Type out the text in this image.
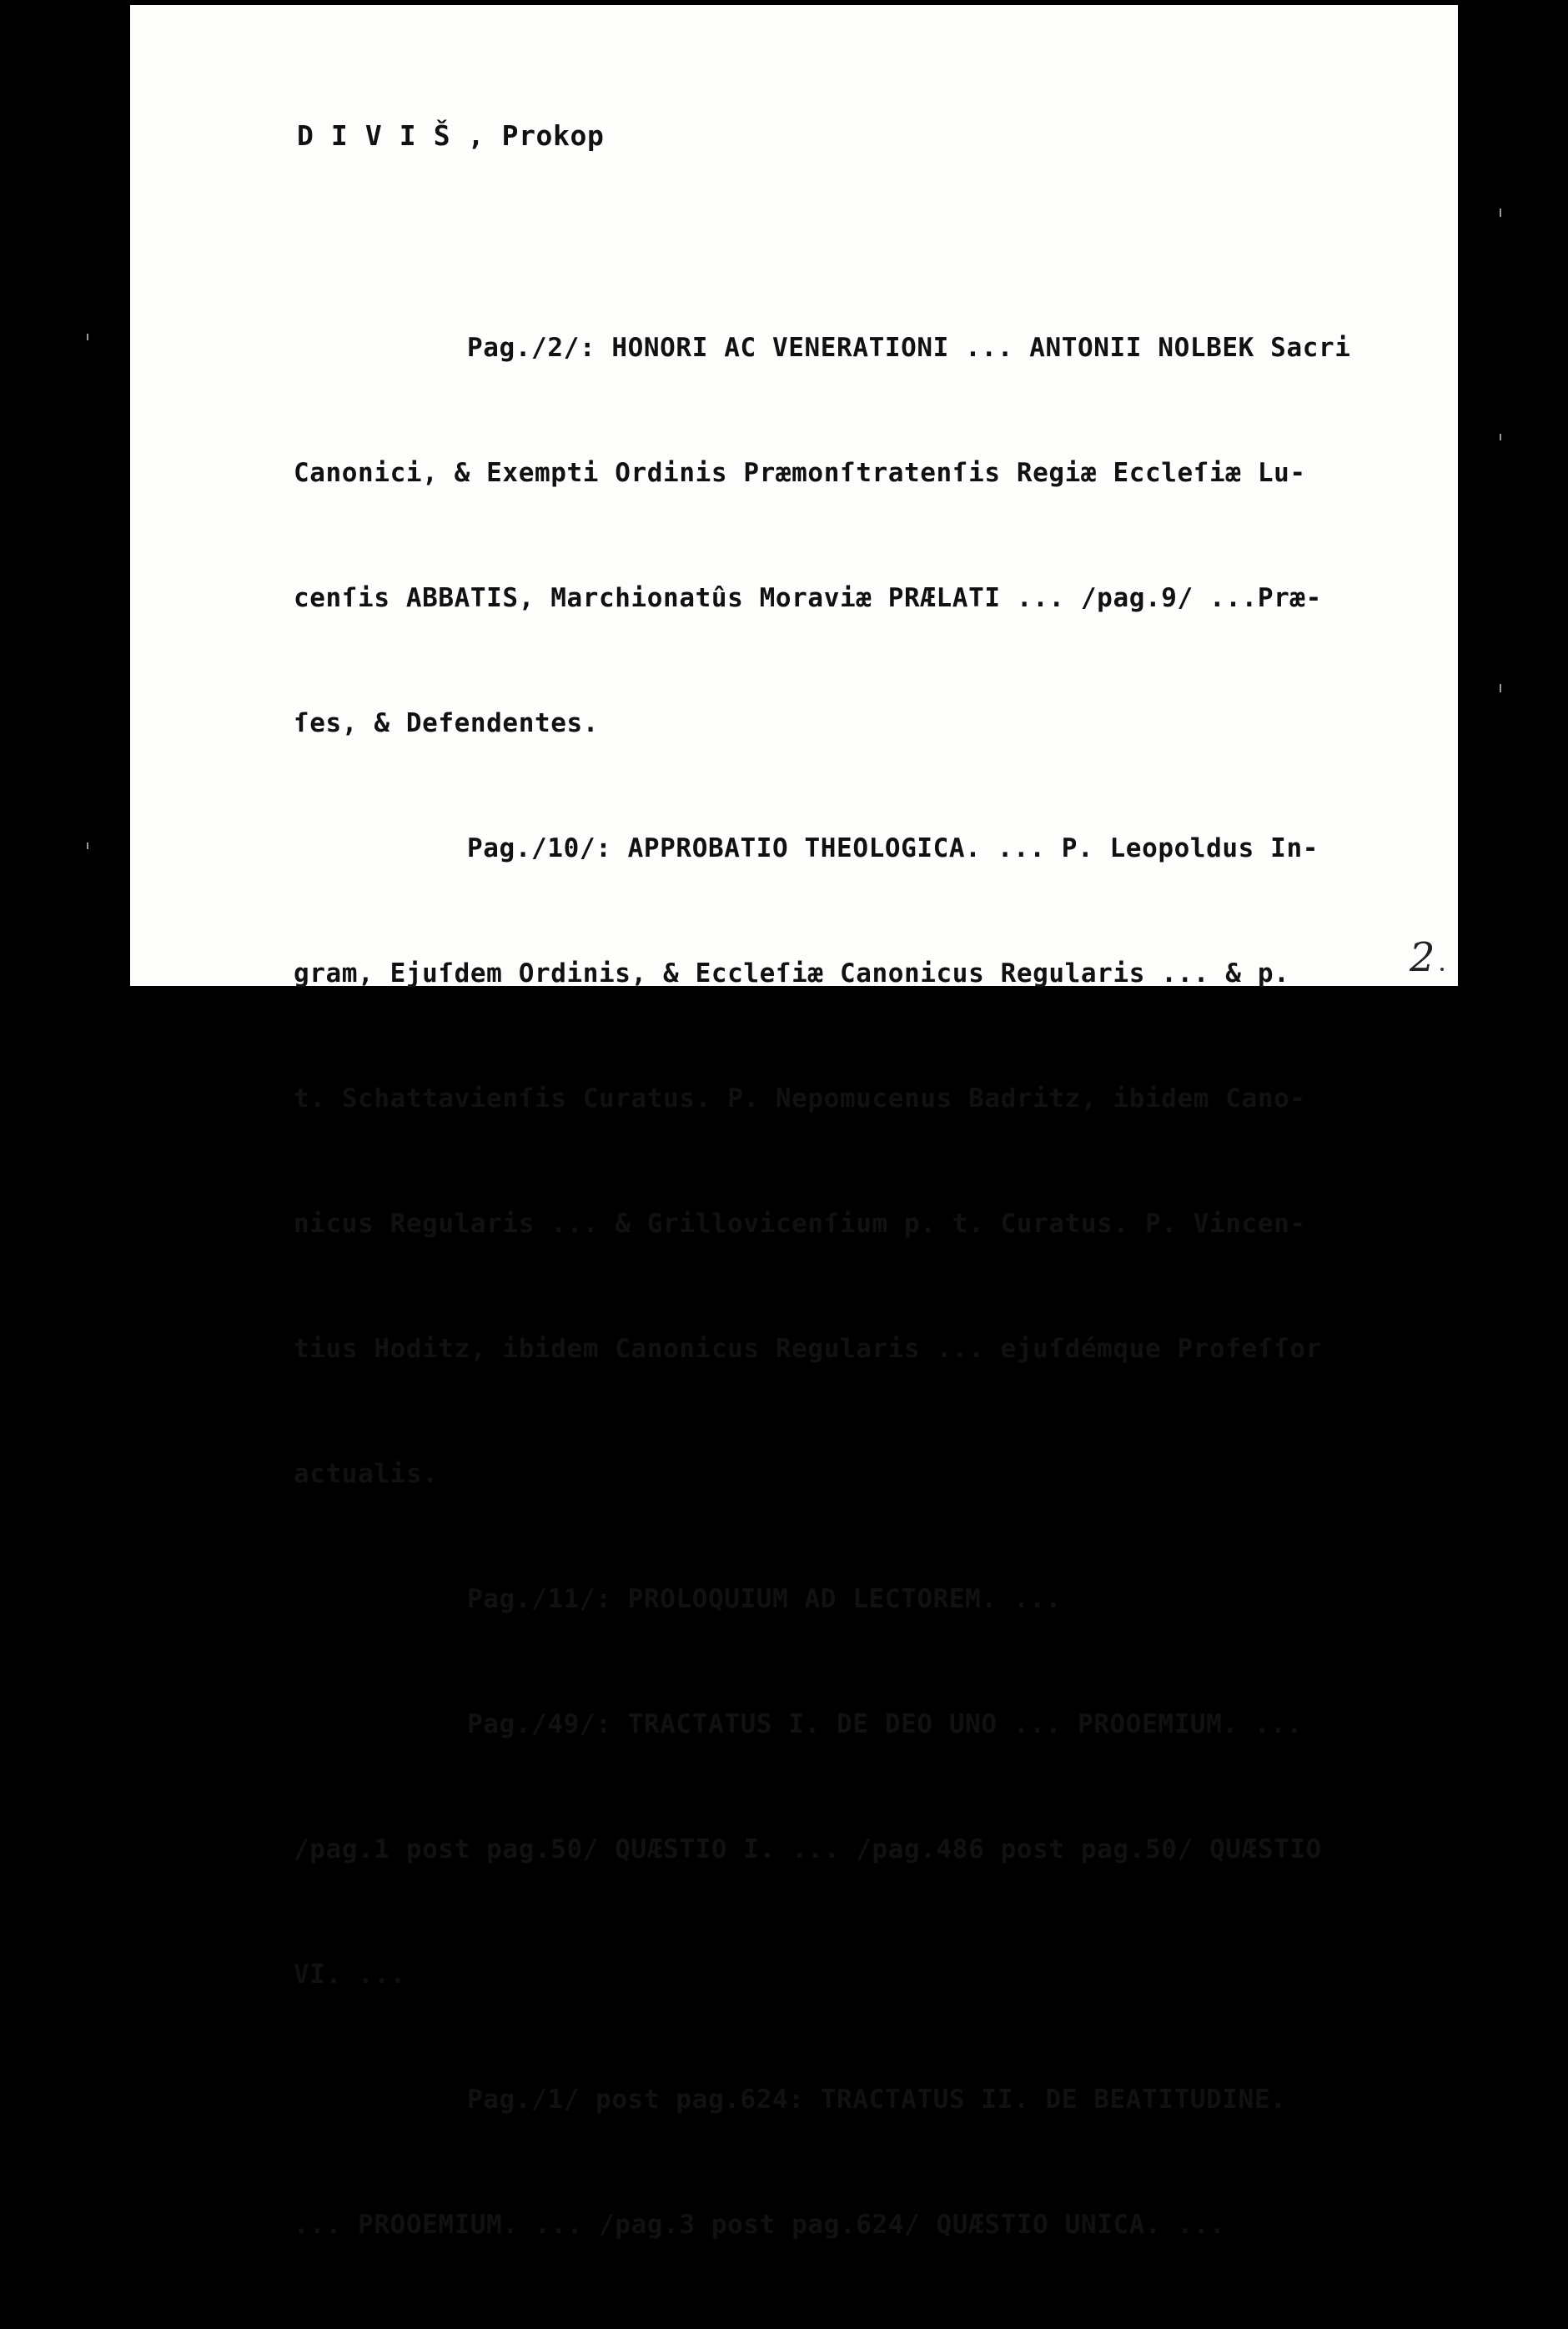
D I V I Š , Prokop

Pag./2/: HONORI AC VENERATIONI ... ANTONII NOLBEK Sacri

Canonici, & Exempti Ordinis Præmonſtratenſis Regiæ Eccleſiæ Lu-

cenſis ABBATIS, Marchionatûs Moraviæ PRÆLATI ... /pag.9/ ...Præ-

ſes, & Defendentes.

Pag./10/: APPROBATIO THEOLOGICA. ... P. Leopoldus In-

gram, Ejuſdem Ordinis, & Eccleſiæ Canonicus Regularis ... & p.

t. Schattavienſis Curatus. P. Nepomucenus Badritz, ibidem Cano-

nicus Regularis ... & Grillovicenſium p. t. Curatus. P. Vincen-

tius Hoditz, ibidem Canonicus Regularis ... ejuſdémque Profeſſor

actualis.

Pag./11/: PROLOQUIUM AD LECTOREM. ...

Pag./49/: TRACTATUS I. DE DEO UNO ... PROOEMIUM. ...

/pag.1 post pag.50/ QUÆSTIO I. ... /pag.486 post pag.50/ QUÆSTIO

VI. ...

Pag./1/ post pag.624: TRACTATUS II. DE BEATITUDINE.

... PROOEMIUM. ... /pag.3 post pag.624/ QUÆSTIO UNICA. ...

2
